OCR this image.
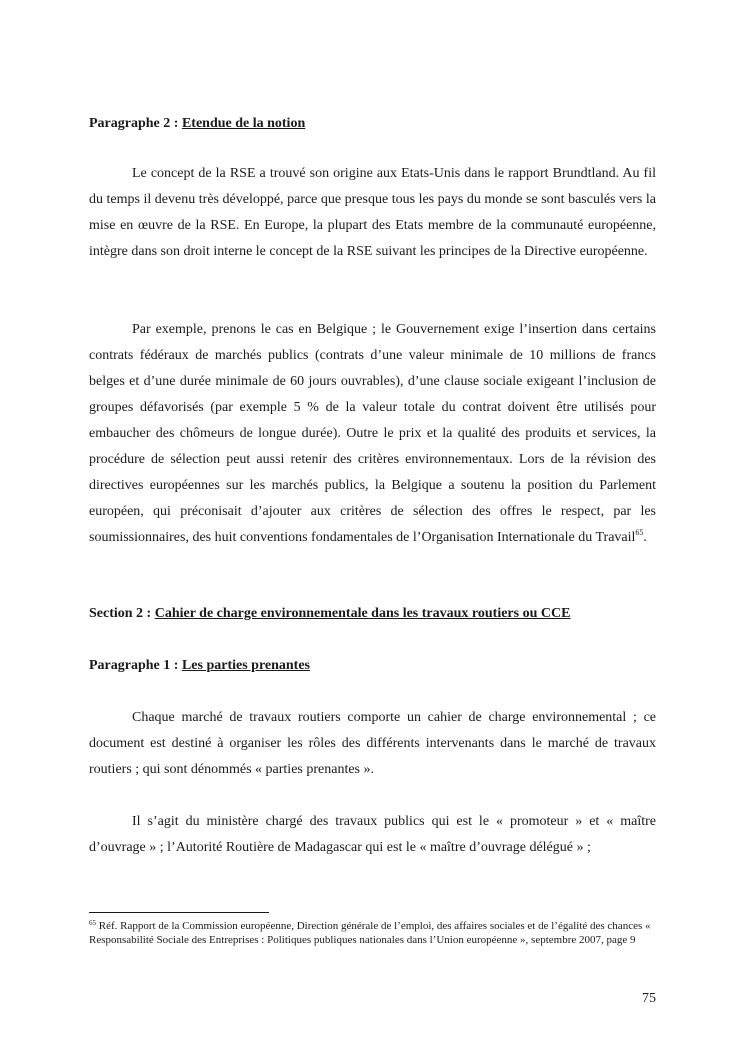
Paragraphe 2 : Etendue de la notion

Le concept de la RSE a trouvé son origine aux Etats-Unis dans le rapport Brundtland. Au fil du temps il devenu très développé, parce que presque tous les pays du monde se sont basculés vers la mise en œuvre de la RSE. En Europe, la plupart des Etats membre de la communauté européenne, intègre dans son droit interne le concept de la RSE suivant les principes de la Directive européenne.

Par exemple, prenons le cas en Belgique ; le Gouvernement exige l’insertion dans certains contrats fédéraux de marchés publics (contrats d’une valeur minimale de 10 millions de francs belges et d’une durée minimale de 60 jours ouvrables), d’une clause sociale exigeant l’inclusion de groupes défavorisés (par exemple 5 % de la valeur totale du contrat doivent être utilisés pour embaucher des chômeurs de longue durée). Outre le prix et la qualité des produits et services, la procédure de sélection peut aussi retenir des critères environnementaux. Lors de la révision des directives européennes sur les marchés publics, la Belgique a soutenu la position du Parlement européen, qui préconisait d’ajouter aux critères de sélection des offres le respect, par les soumissionnaires, des huit conventions fondamentales de l’Organisation Internationale du Travail$^{65}$.

Section 2 : Cahier de charge environnementale dans les travaux routiers ou CCE
Paragraphe 1 : Les parties prenantes

Chaque marché de travaux routiers comporte un cahier de charge environnemental ; ce document est destiné à organiser les rôles des différents intervenants dans le marché de travaux routiers ; qui sont dénommés « parties prenantes ».

Il s’agit du ministère chargé des travaux publics qui est le « promoteur » et « maître d’ouvrage » ; l’Autorité Routière de Madagascar qui est le « maître d’ouvrage délégué » ;

$^{65}$ Réf. Rapport de la Commission européenne, Direction générale de l’emploi, des affaires sociales et de l’égalité des chances « Responsabilité Sociale des Entreprises : Politiques publiques nationales dans l’Union européenne », septembre 2007, page 9

75
